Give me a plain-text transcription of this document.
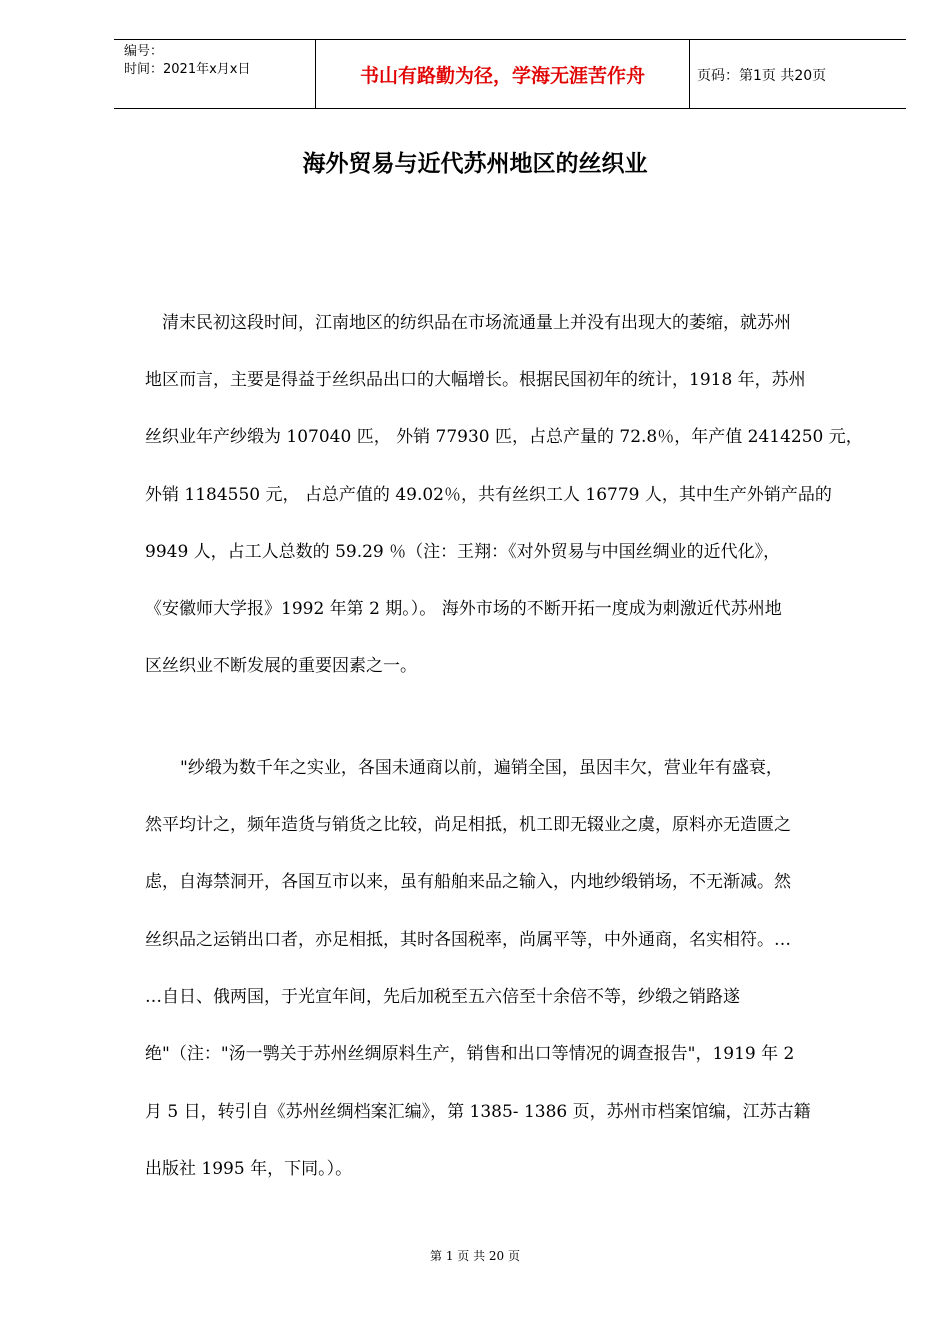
编号：
时间：2021年x月x日	书山有路勤为径，学海无涯苦作舟	页码：第1页 共20页
海外贸易与近代苏州地区的丝织业
清末民初这段时间，江南地区的纺织品在市场流通量上并没有出现大的萎缩，就苏州
地区而言，主要是得益于丝织品出口的大幅增长。根据民国初年的统计，1918 年，苏州
丝织业年产纱缎为 107040 匹， 外销 77930 匹，占总产量的 72.8％，年产值 2414250 元，
外销 1184550 元， 占总产值的 49.02％，共有丝织工人 16779 人，其中生产外销产品的
9949 人，占工人总数的 59.29 ％（注：王翔：《对外贸易与中国丝绸业的近代化》，
《安徽师大学报》1992 年第 2 期。）。 海外市场的不断开拓一度成为刺激近代苏州地
区丝织业不断发展的重要因素之一。
"纱缎为数千年之实业，各国未通商以前，遍销全国，虽因丰欠，营业年有盛衰，
然平均计之，频年造货与销货之比较，尚足相抵，机工即无辍业之虞，原料亦无造匮之
虑，自海禁洞开，各国互市以来，虽有船舶来品之输入，内地纱缎销场，不无渐减。然
丝织品之运销出口者，亦足相抵，其时各国税率，尚属平等，中外通商，名实相符。…
…自日、俄两国，于光宣年间，先后加税至五六倍至十余倍不等，纱缎之销路遂
绝"（注："汤一鹗关于苏州丝绸原料生产，销售和出口等情况的调查报告"，1919 年 2
月 5 日，转引自《苏州丝绸档案汇编》，第 1385- 1386 页，苏州市档案馆编，江苏古籍
出版社 1995 年，下同。）。
第 1 页 共 20 页
